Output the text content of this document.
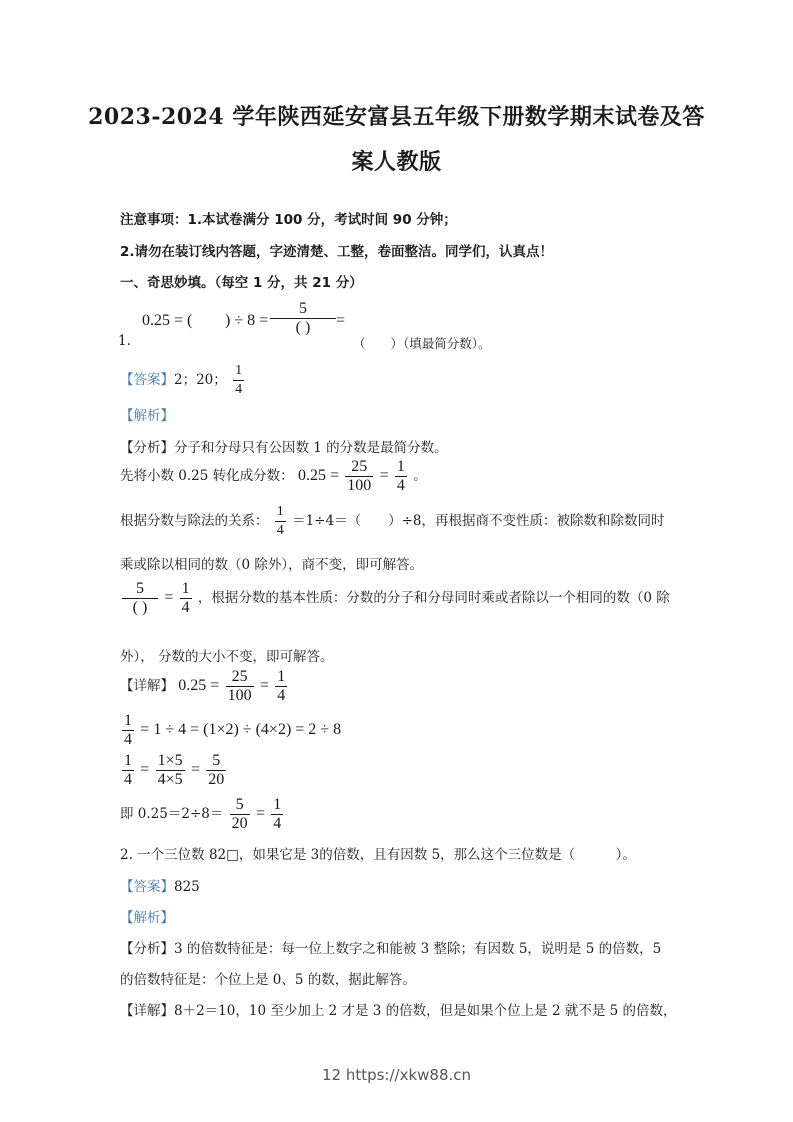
2023-2024 学年陕西延安富县五年级下册数学期末试卷及答
案人教版
注意事项：1.本试卷满分 100 分，考试时间 90 分钟；
2.请勿在装订线内答题，字迹清楚、工整，卷面整洁。同学们，认真点！
一、奇思妙填。（每空 1 分，共 21 分）
1.
0.25 = ( ) ÷ 8 =
5
( )	=
（　　）（填最简分数）。
【答案】2；20； $\frac{1}{4}$
【解析】
【分析】分子和分母只有公因数 1 的分数是最简分数。
先将小数 0.25 转化成分数： $0.25 = \frac{25}{100} = \frac{1}{4}$ 。
根据分数与除法的关系： $\frac{1}{4} =1\div 4=$（　　）÷8，再根据商不变性质：被除数和除数同时
乘或除以相同的数（0 除外），商不变，即可解答。
$\frac{5}{( )} = \frac{1}{4}$ ，根据分数的基本性质：分数的分子和分母同时乘或者除以一个相同的数（0 除
外）， 分数的大小不变，即可解答。
【详解】 $0.25 = \frac{25}{100} = \frac{1}{4}$
$\frac{1}{4} = 1 \div 4 = (1\times 2) \div (4\times 2) = 2 \div 8$
$\frac{1}{4} = \frac{1\times 5}{4\times 5} = \frac{5}{20}$
即 $0.25=2\div 8= \frac{5}{20} = \frac{1}{4}$
2. 一个三位数 82□，如果它是 3的倍数，且有因数 5，那么这个三位数是（　　　）。
【答案】825
【解析】
【分析】3 的倍数特征是：每一位上数字之和能被 3 整除；有因数 5，说明是 5 的倍数，5
的倍数特征是：个位上是 0、5 的数，据此解答。
【详解】8＋2＝10，10 至少加上 2 才是 3 的倍数，但是如果个位上是 2 就不是 5 的倍数，
12 https://xkw88.cn
